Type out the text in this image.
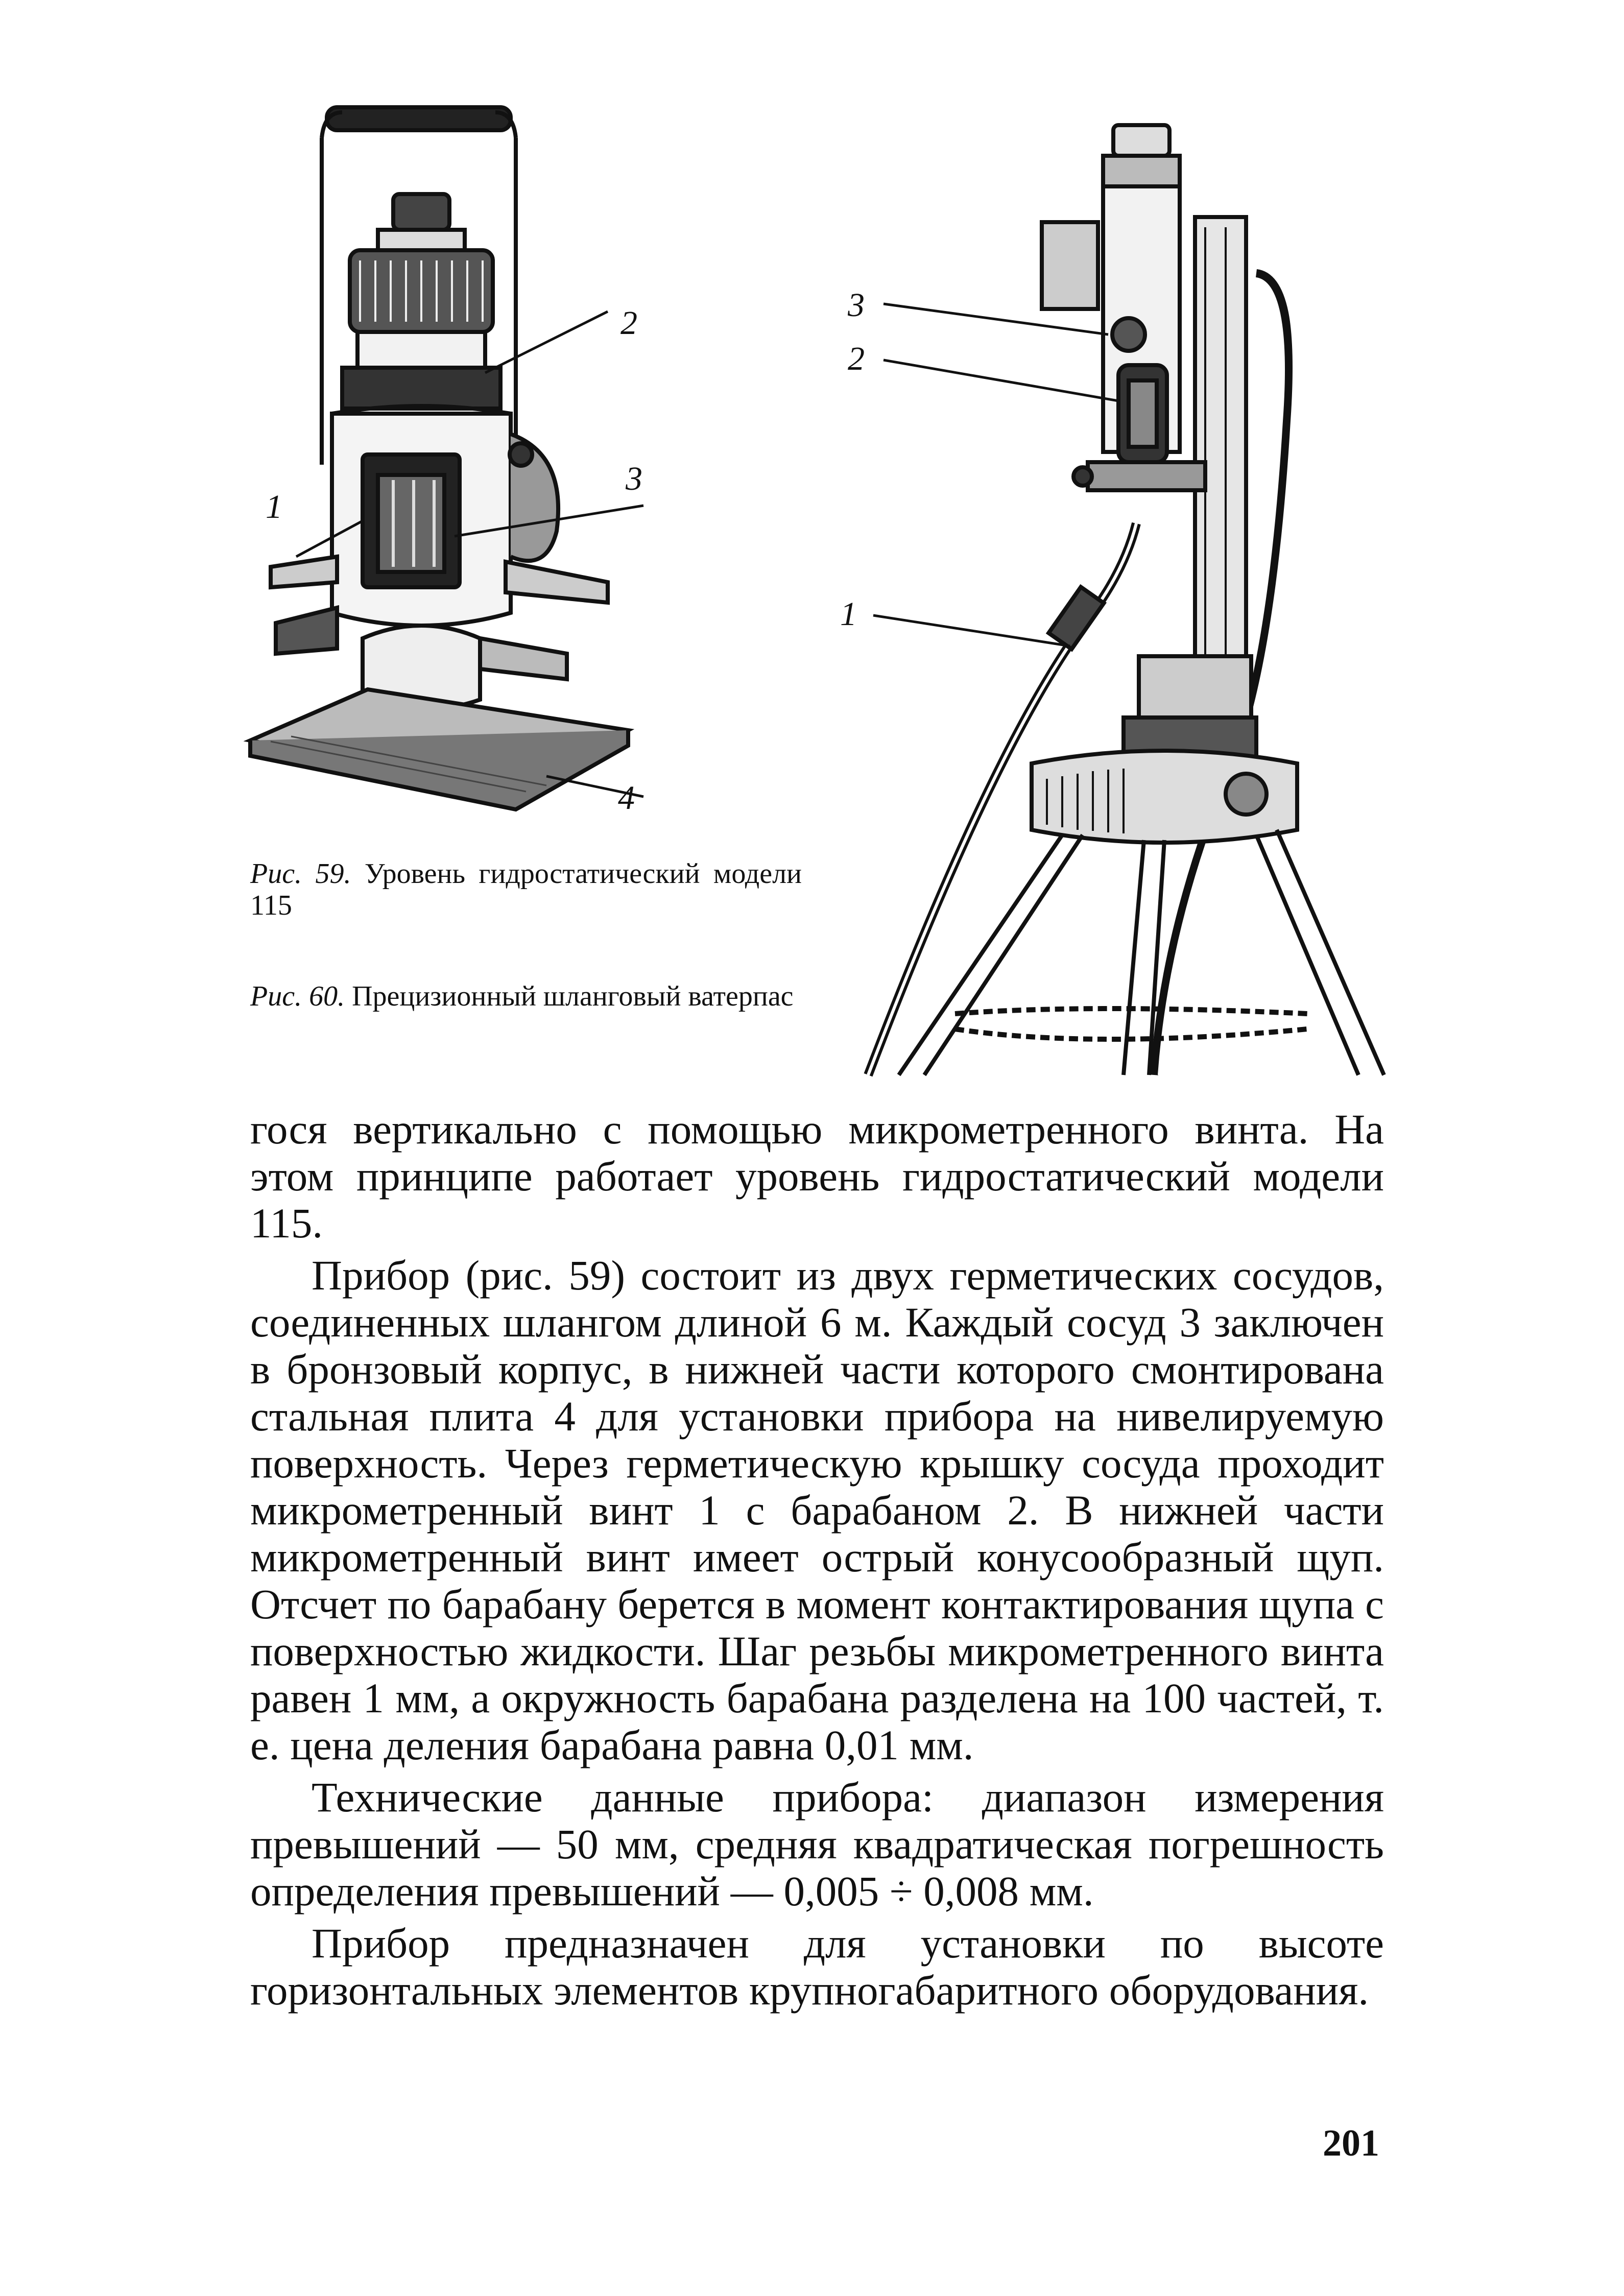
2
1
3
4
3
2
1
Рис. 59. Уровень гидростатический модели 115
Рис. 60. Прецизионный шланговый ватерпас

гося вертикально с помощью микрометренного винта. На этом принципе работает уровень гидростатический модели 115.

Прибор (рис. 59) состоит из двух герметических сосудов, соединенных шлангом длиной 6 м. Каждый сосуд 3 заключен в бронзовый корпус, в нижней части которого смонтирована стальная плита 4 для установки прибора на нивелируемую поверхность. Через герметическую крышку сосуда проходит микрометренный винт 1 с барабаном 2. В нижней части микрометренный винт имеет острый конусообразный щуп. Отсчет по барабану берется в момент контактирования щупа с поверхностью жидкости. Шаг резьбы микрометренного винта равен 1 мм, а окружность барабана разделена на 100 частей, т. е. цена деления барабана равна 0,01 мм.

Технические данные прибора: диапазон измерения превышений — 50 мм, средняя квадратическая погрешность определения превышений — 0,005 ÷ 0,008 мм.

Прибор предназначен для установки по высоте горизонтальных элементов крупногабаритного оборудования.

201
